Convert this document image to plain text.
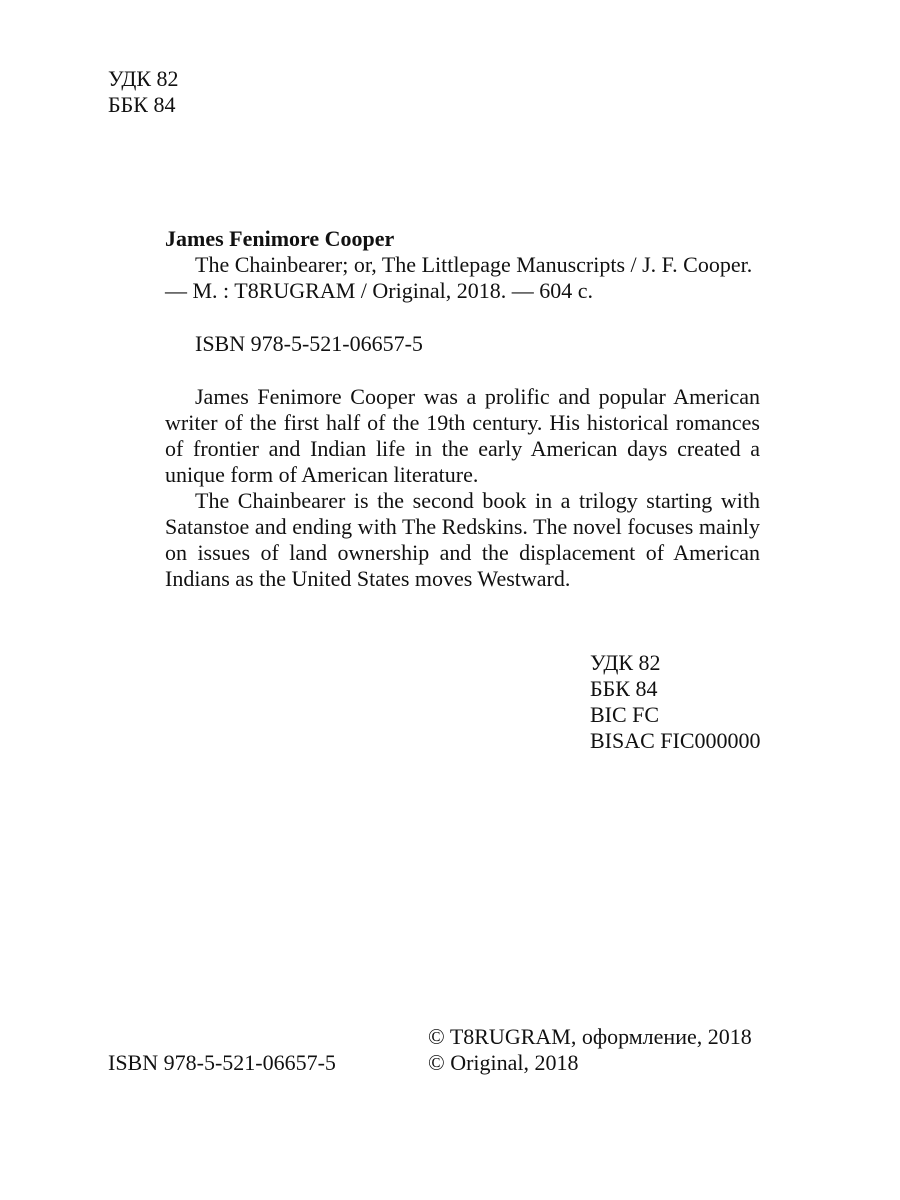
УДК 82
ББК 84
James Fenimore Cooper
The Chainbearer; or, The Littlepage Manuscripts / J. F. Cooper.
— M. : T8RUGRAM / Original, 2018. — 604 c.
ISBN 978-5-521-06657-5

James Fenimore Cooper was a prolific and popular American writer of the first half of the 19th century. His historical romances of frontier and Indian life in the early American days created a unique form of American literature.

The Chainbearer is the second book in a trilogy starting with Satanstoe and ending with The Redskins. The novel focuses mainly on issues of land ownership and the displacement of American Indians as the United States moves Westward.

УДК 82
ББК 84
BIC FC
BISAC FIC000000
ISBN 978-5-521-06657-5
© T8RUGRAM, оформление, 2018
© Original, 2018
